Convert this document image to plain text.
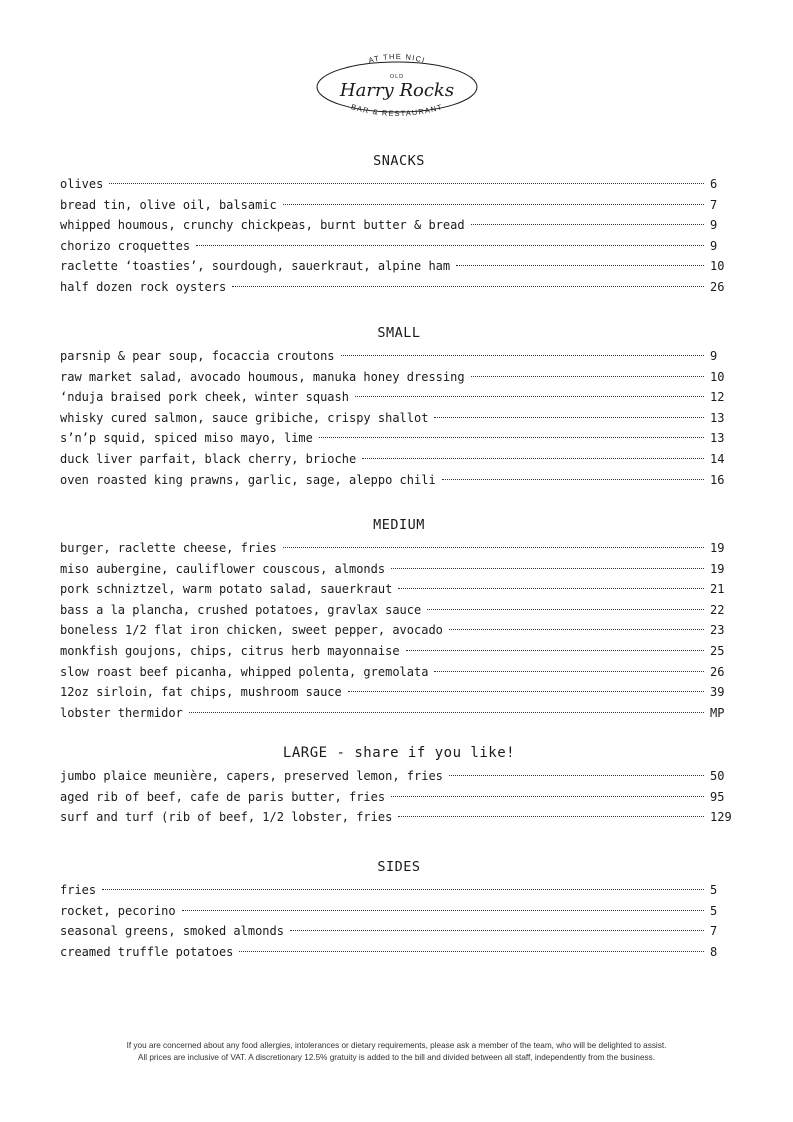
AT THE NICI
OLD
Harry Rocks
BAR & RESTAURANT
SNACKS
olives	6
bread tin, olive oil, balsamic	7
whipped houmous, crunchy chickpeas, burnt butter & bread	9
chorizo croquettes	9
raclette ‘toasties’, sourdough, sauerkraut, alpine ham	10
half dozen rock oysters	26
SMALL
parsnip & pear soup, focaccia croutons	9
raw market salad, avocado houmous, manuka honey dressing	10
‘nduja braised pork cheek, winter squash	12
whisky cured salmon, sauce gribiche, crispy shallot	13
s’n’p squid, spiced miso mayo, lime	13
duck liver parfait, black cherry, brioche	14
oven roasted king prawns, garlic, sage, aleppo chili	16
MEDIUM
burger, raclette cheese, fries	19
miso aubergine, cauliflower couscous, almonds	19
pork schniztzel, warm potato salad, sauerkraut	21
bass a la plancha, crushed potatoes, gravlax sauce	22
boneless 1/2 flat iron chicken, sweet pepper, avocado	23
monkfish goujons, chips, citrus herb mayonnaise	25
slow roast beef picanha, whipped polenta, gremolata	26
12oz sirloin, fat chips, mushroom sauce	39
lobster thermidor	MP
LARGE - share if you like!
jumbo plaice meunière, capers, preserved lemon, fries	50
aged rib of beef, cafe de paris butter, fries	95
surf and turf (rib of beef, 1/2 lobster, fries	129
SIDES
fries	5
rocket, pecorino	5
seasonal greens, smoked almonds	7
creamed truffle potatoes	8
If you are concerned about any food allergies, intolerances or dietary requirements, please ask a member of the team, who will be delighted to assist.
All prices are inclusive of VAT. A discretionary 12.5% gratuity is added to the bill and divided between all staff, independently from the business.
